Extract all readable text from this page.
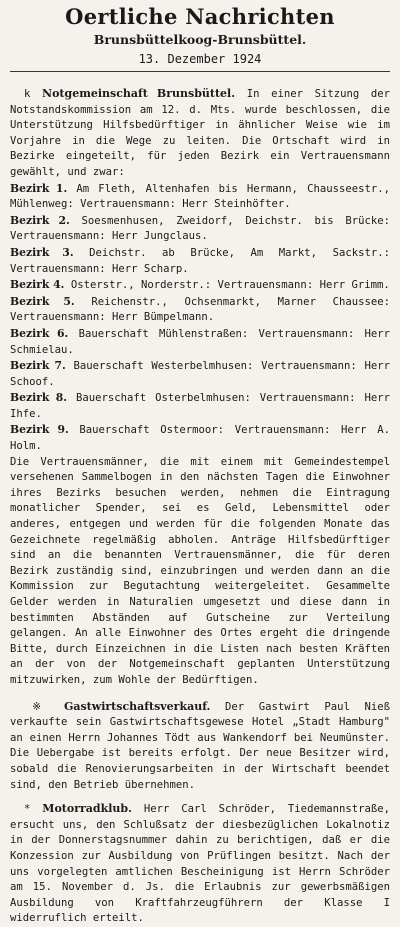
Oertliche Nachrichten
Brunsbüttelkoog-Brunsbüttel.
13. Dezember 1924

k Notgemeinschaft Brunsbüttel. In einer Sitzung der Notstandskommission am 12. d. Mts. wurde beschlossen, die Unterstützung Hilfsbedürftiger in ähnlicher Weise wie im Vorjahre in die Wege zu leiten. Die Ortschaft wird in Bezirke eingeteilt, für jeden Bezirk ein Vertrauensmann gewählt, und zwar:

Bezirk 1. Am Fleth, Altenhafen bis Hermann, Chausseestr., Mühlenweg: Vertrauensmann: Herr Steinhöfter.

Bezirk 2. Soesmenhusen, Zweidorf, Deichstr. bis Brücke: Vertrauensmann: Herr Jungclaus.

Bezirk 3. Deichstr. ab Brücke, Am Markt, Sackstr.: Vertrauensmann: Herr Scharp.

Bezirk 4. Osterstr., Norderstr.: Vertrauensmann: Herr Grimm.

Bezirk 5. Reichenstr., Ochsenmarkt, Marner Chaussee: Vertrauensmann: Herr Bümpelmann.

Bezirk 6. Bauerschaft Mühlenstraßen: Vertrauensmann: Herr Schmielau.

Bezirk 7. Bauerschaft Westerbelmhusen: Vertrauensmann: Herr Schoof.

Bezirk 8. Bauerschaft Osterbelmhusen: Vertrauensmann: Herr Ihfe.

Bezirk 9. Bauerschaft Ostermoor: Vertrauensmann: Herr A. Holm.

Die Vertrauensmänner, die mit einem mit Gemeindestempel versehenen Sammelbogen in den nächsten Tagen die Einwohner ihres Bezirks besuchen werden, nehmen die Eintragung monatlicher Spender, sei es Geld, Lebensmittel oder anderes, entgegen und werden für die folgenden Monate das Gezeichnete regelmäßig abholen. Anträge Hilfsbedürftiger sind an die benannten Vertrauensmänner, die für deren Bezirk zuständig sind, einzubringen und werden dann an die Kommission zur Begutachtung weitergeleitet. Gesammelte Gelder werden in Naturalien umgesetzt und diese dann in bestimmten Abständen auf Gutscheine zur Verteilung gelangen. An alle Einwohner des Ortes ergeht die dringende Bitte, durch Einzeichnen in die Listen nach besten Kräften an der von der Notgemeinschaft geplanten Unterstützung mitzuwirken, zum Wohle der Bedürftigen.

※ Gastwirtschaftsverkauf. Der Gastwirt Paul Nieß verkaufte sein Gastwirtschaftsgewese Hotel „Stadt Hamburg" an einen Herrn Johannes Tödt aus Wankendorf bei Neumünster. Die Uebergabe ist bereits erfolgt. Der neue Besitzer wird, sobald die Renovierungsarbeiten in der Wirtschaft beendet sind, den Betrieb übernehmen.

* Motorradklub. Herr Carl Schröder, Tiedemannstraße, ersucht uns, den Schlußsatz der diesbezüglichen Lokalnotiz in der Donnerstagsnummer dahin zu berichtigen, daß er die Konzession zur Ausbildung von Prüflingen besitzt. Nach der uns vorgelegten amtlichen Bescheinigung ist Herrn Schröder am 15. November d. Js. die Erlaubnis zur gewerbsmäßigen Ausbildung von Kraftfahrzeugführern der Klasse I widerruflich erteilt.
